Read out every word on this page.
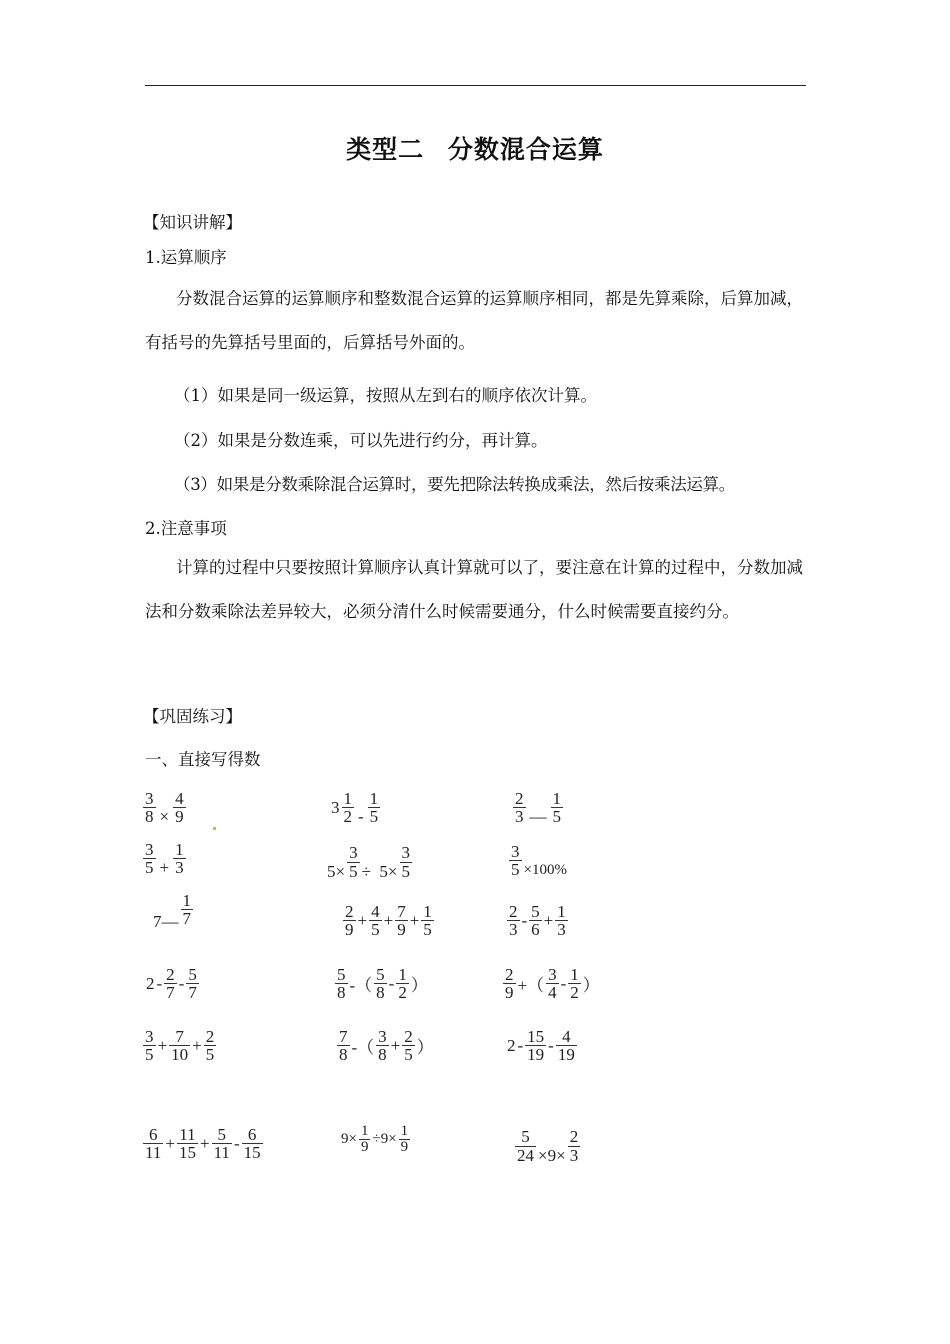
类型二 分数混合运算
【知识讲解】
1.运算顺序
分数混合运算的运算顺序和整数混合运算的运算顺序相同，都是先算乘除，后算加减，有括号的先算括号里面的，后算括号外面的。
（1）如果是同一级运算，按照从左到右的顺序依次计算。
（2）如果是分数连乘，可以先进行约分，再计算。
（3）如果是分数乘除混合运算时，要先把除法转换成乘法，然后按乘法运算。
2.注意事项
计算的过程中只要按照计算顺序认真计算就可以了，要注意在计算的过程中，分数加减法和分数乘除法差异较大，必须分清什么时候需要通分，什么时候需要直接约分。
【巩固练习】
一、直接写得数
$\frac{3}{8} \times \frac{4}{9}$	$3 \frac{1}{2} - \frac{1}{5}$	$\frac{2}{3}$ — $\frac{1}{5}$
$\frac{3}{5} + \frac{1}{3}$	$5\times \frac{3}{5} \div 5\times \frac{3}{5}$	$\frac{3}{5} \times 100\%$
7— $\frac{1}{7}$	$\frac{2}{9} + \frac{4}{5} + \frac{7}{9} + \frac{1}{5}$	$\frac{2}{3} - \frac{5}{6} + \frac{1}{3}$
$2 - \frac{2}{7} - \frac{5}{7}$	$\frac{5}{8}$ -（ $\frac{5}{8} - \frac{1}{2}$ ）	$\frac{2}{9}$ +（ $\frac{3}{4} - \frac{1}{2}$ ）
$\frac{3}{5} + \frac{7}{10} + \frac{2}{5}$	$\frac{7}{8}$ -（ $\frac{3}{8} + \frac{2}{5}$ ）	$2 - \frac{15}{19} - \frac{4}{19}$
$\frac{6}{11} + \frac{11}{15} + \frac{5}{11} - \frac{6}{15}$	$9\times \frac{1}{9} \div 9\times \frac{1}{9}$	$\frac{5}{24} \times 9\times \frac{2}{3}$
